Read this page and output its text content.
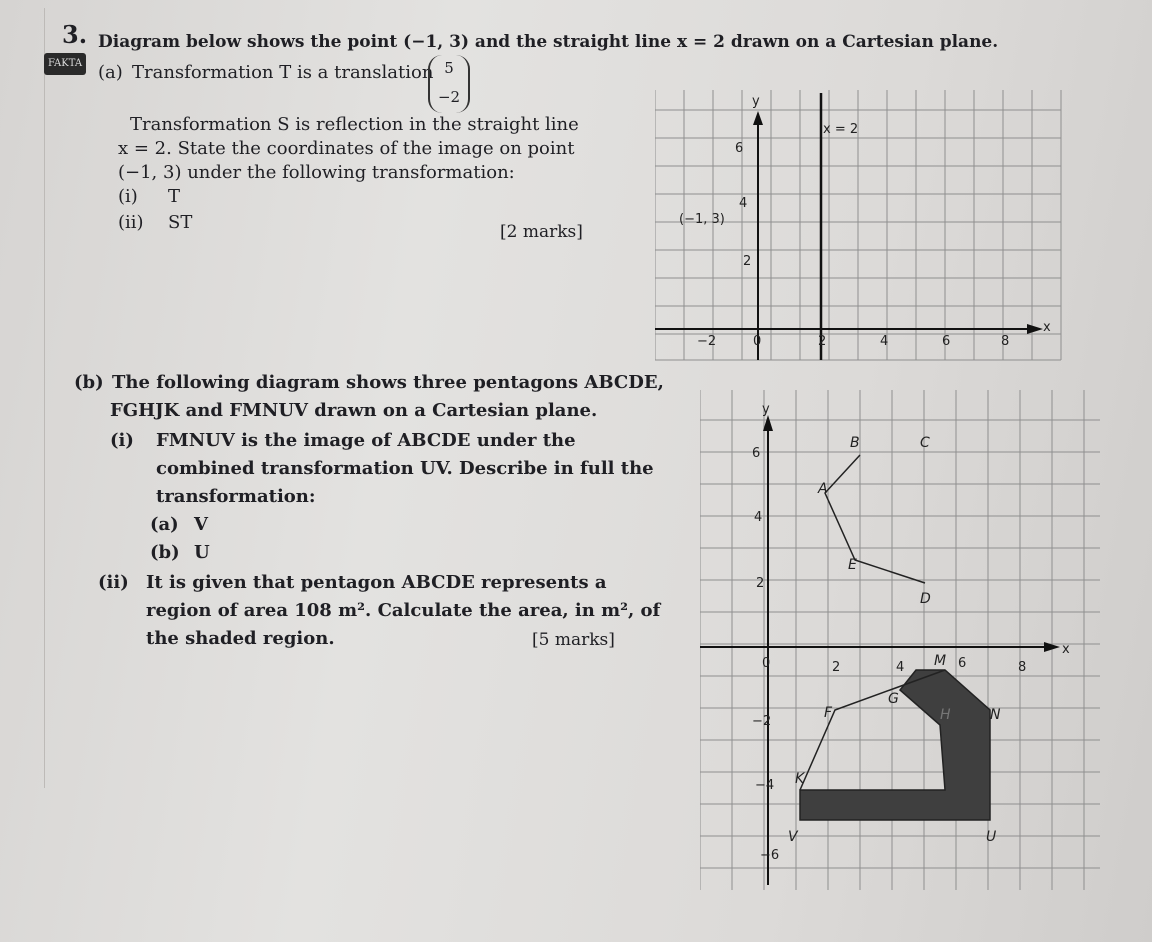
3. Diagram below shows the point (−1, 3) and the straight line x = 2 drawn on a Cartesian plane.
FAKTA (a) Transformation T is a translation 5
−2
Transformation S is reflection in the straight line
x = 2. State the coordinates of the image on point
(−1, 3) under the following transformation:
(i) T
(ii) ST	[2 marks]
y
x
x = 2
(−1, 3)
6
4
2
−2	0	2	4	6	8
(b) The following diagram shows three pentagons ABCDE,
FGHJK and FMNUV drawn on a Cartesian plane.
(i) FMNUV is the image of ABCDE under the
combined transformation UV. Describe in full the
transformation:
(a) V
(b) U
(ii) It is given that pentagon ABCDE represents a
region of area 108 m². Calculate the area, in m², of
the shaded region.	[5 marks]
y
x
6
4
2
−2
−4
−6
0	2	4	6	8
A
B	C
D
E
F
G
H
K
M
N
U
V
